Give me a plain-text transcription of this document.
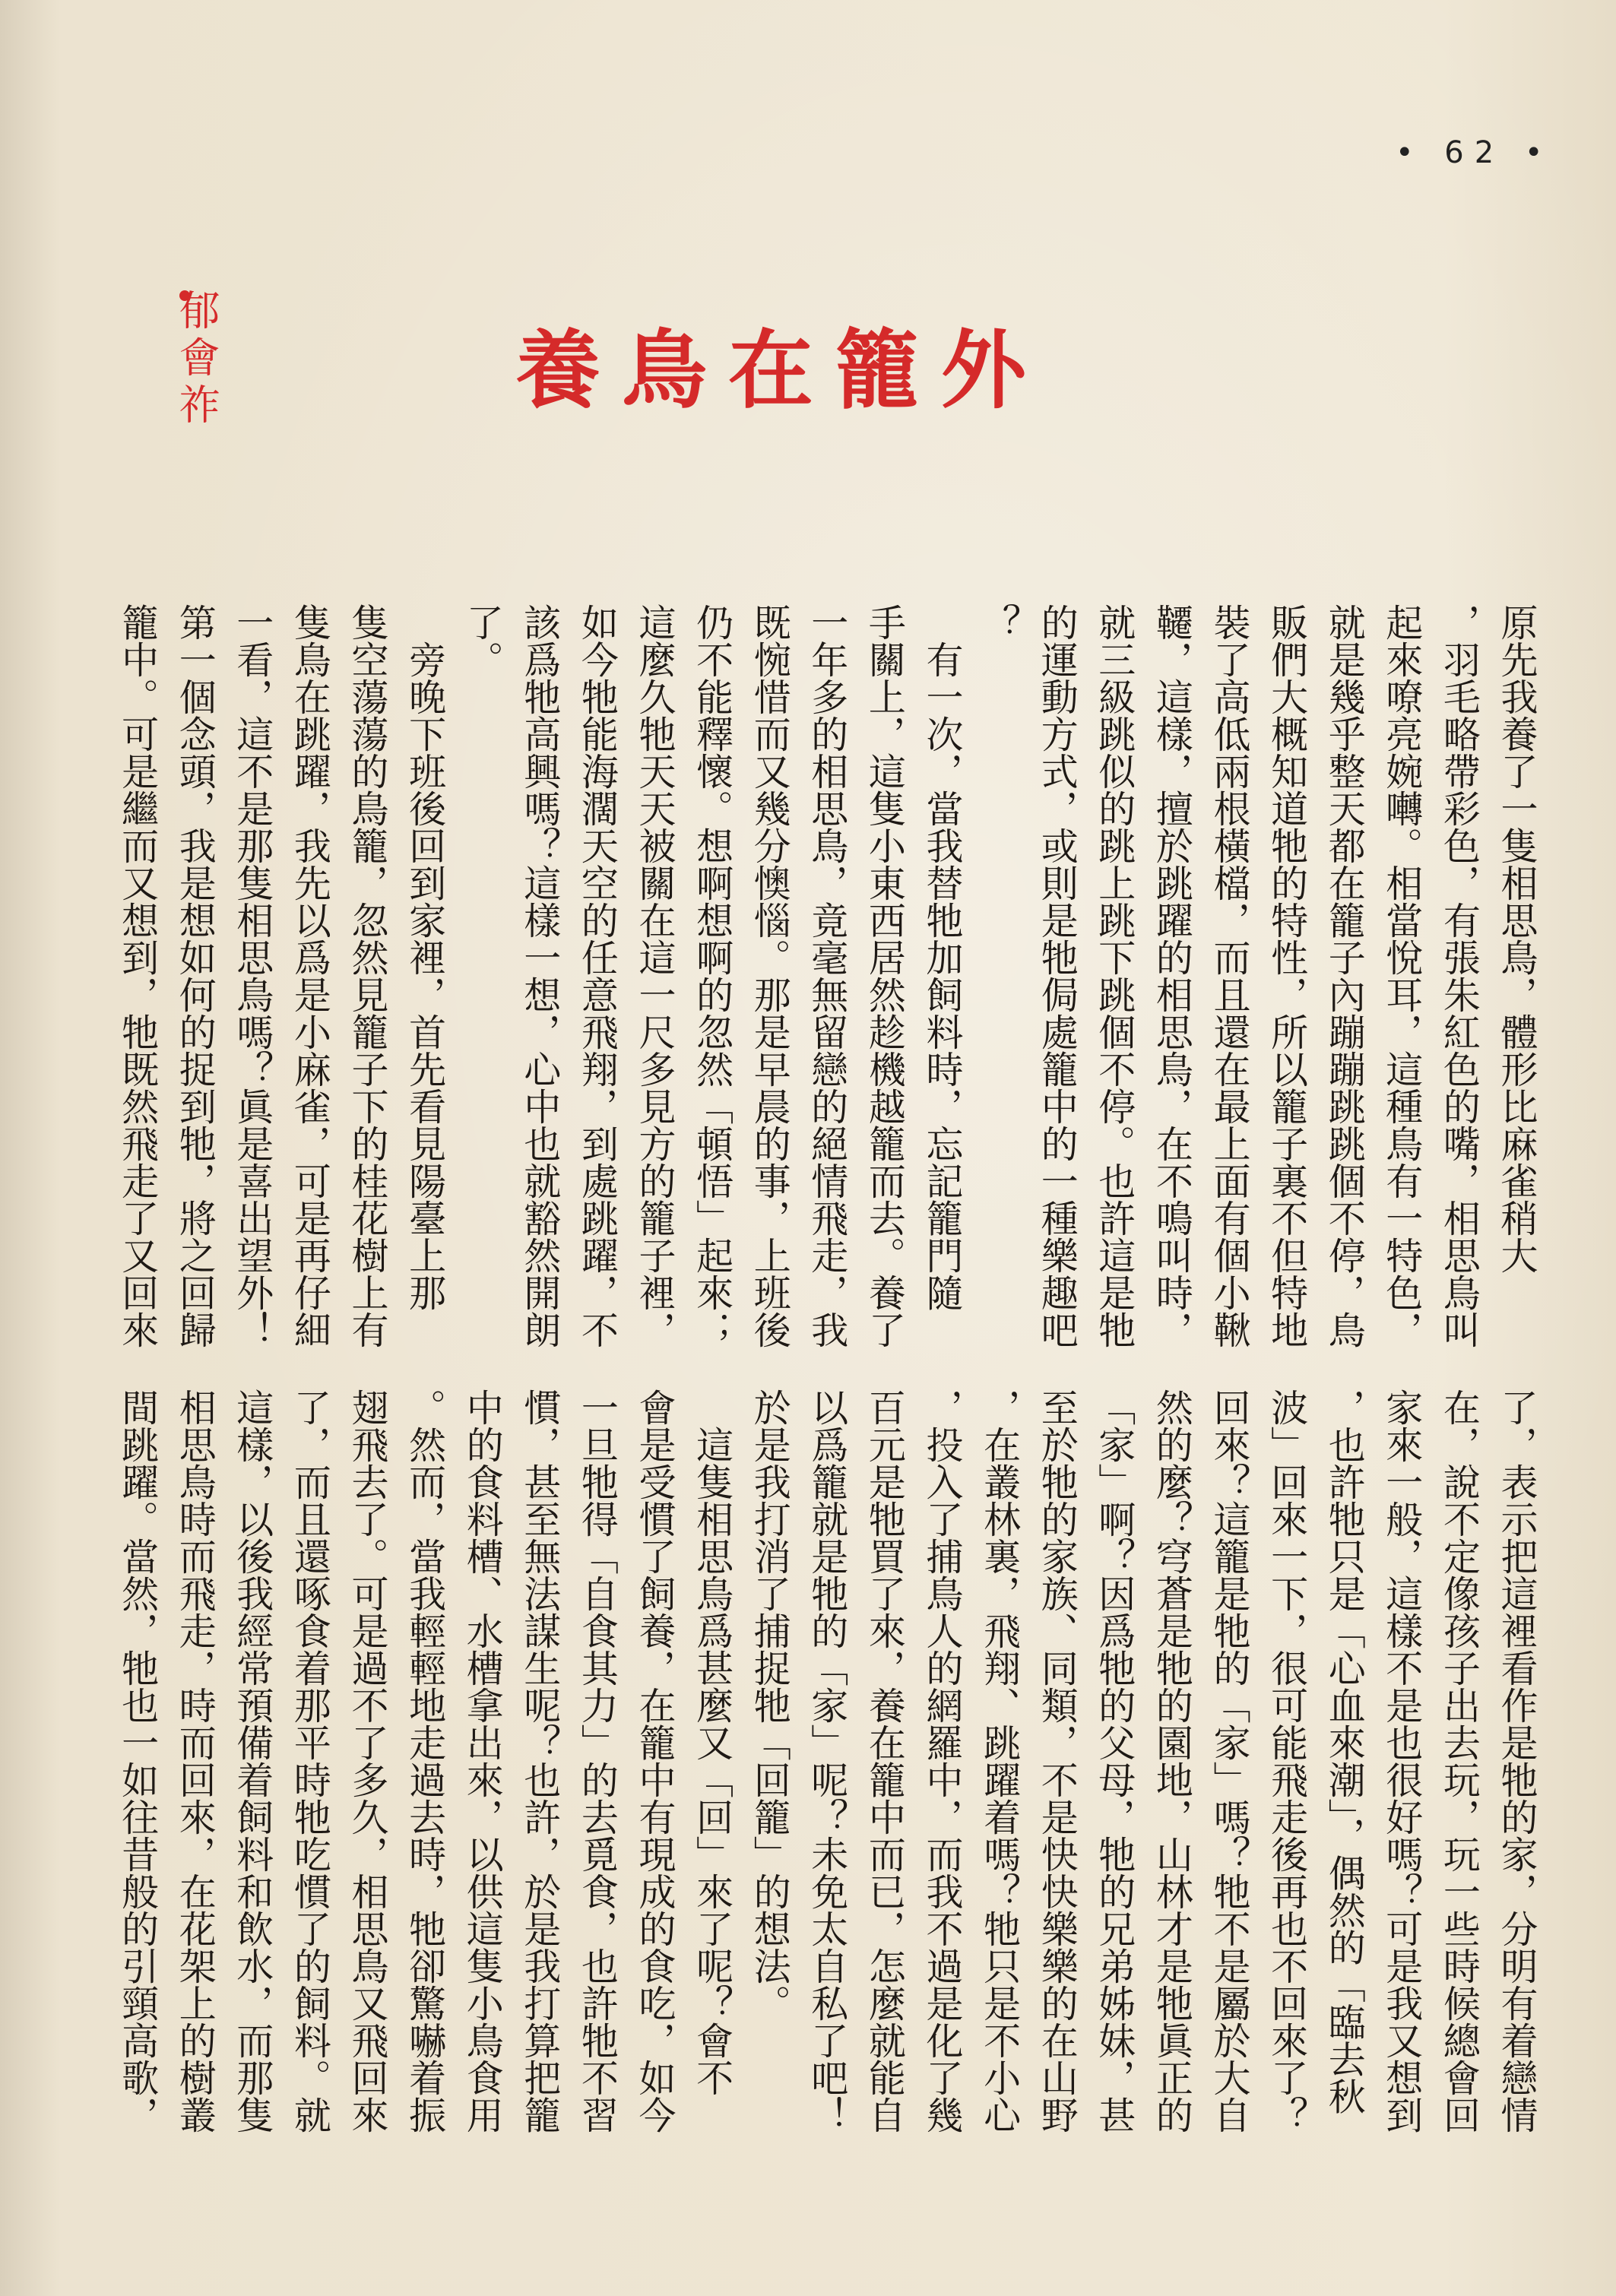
• 62 •
郁會祚	養鳥在籠外
原先我養了一隻相思鳥，體形比麻雀稍大
，羽毛略帶彩色，有張朱紅色的嘴，相思鳥叫
起來嘹亮婉囀。相當悅耳，這種鳥有一特色，
就是幾乎整天都在籠子內蹦蹦跳跳個不停，鳥
販們大概知道牠的特性，所以籠子裏不但特地
裝了高低兩根橫檔，而且還在最上面有個小鞦
韆，這樣，擅於跳躍的相思鳥，在不鳴叫時，
就三級跳似的跳上跳下跳個不停。也許這是牠
的運動方式，或則是牠侷處籠中的一種樂趣吧
？
　有一次，當我替牠加飼料時，忘記籠門隨
手關上，這隻小東西居然趁機越籠而去。養了
一年多的相思鳥，竟毫無留戀的絕情飛走，我
既惋惜而又幾分懊惱。那是早晨的事，上班後
仍不能釋懷。想啊想啊的忽然「頓悟」起來；
這麼久牠天天被關在這一尺多見方的籠子裡，
如今牠能海濶天空的任意飛翔，到處跳躍，不
該爲牠高興嗎？這樣一想，心中也就豁然開朗
了。
　旁晚下班後回到家裡，首先看見陽臺上那
隻空蕩蕩的鳥籠，忽然見籠子下的桂花樹上有
隻鳥在跳躍，我先以爲是小麻雀，可是再仔細
一看，這不是那隻相思鳥嗎？眞是喜出望外！
第一個念頭，我是想如何的捉到牠，將之回歸
籠中。可是繼而又想到，牠既然飛走了又回來
了，表示把這裡看作是牠的家，分明有着戀情
在，說不定像孩子出去玩，玩一些時候總會回
家來一般，這樣不是也很好嗎？可是我又想到
，也許牠只是「心血來潮」，偶然的「臨去秋
波」回來一下，很可能飛走後再也不回來了？
回來？這籠是牠的「家」嗎？牠不是屬於大自
然的麼？穹蒼是牠的園地，山林才是牠眞正的
「家」啊？因爲牠的父母，牠的兄弟姊妹，甚
至於牠的家族、同類，不是快快樂樂的在山野
，在叢林裏，飛翔、跳躍着嗎？牠只是不小心
，投入了捕鳥人的網羅中，而我不過是化了幾
百元是牠買了來，養在籠中而已，怎麼就能自
以爲籠就是牠的「家」呢？未免太自私了吧！
於是我打消了捕捉牠「回籠」的想法。
　這隻相思鳥爲甚麼又「回」來了呢？會不
會是受慣了飼養，在籠中有現成的食吃，如今
一旦牠得「自食其力」的去覓食，也許牠不習
慣，甚至無法謀生呢？也許，於是我打算把籠
中的食料槽、水槽拿出來，以供這隻小鳥食用
。然而，當我輕輕地走過去時，牠卻驚嚇着振
翅飛去了。可是過不了多久，相思鳥又飛回來
了，而且還啄食着那平時牠吃慣了的飼料。就
這樣，以後我經常預備着飼料和飲水，而那隻
相思鳥時而飛走，時而回來，在花架上的樹叢
間跳躍。當然，牠也一如往昔般的引頸高歌，
